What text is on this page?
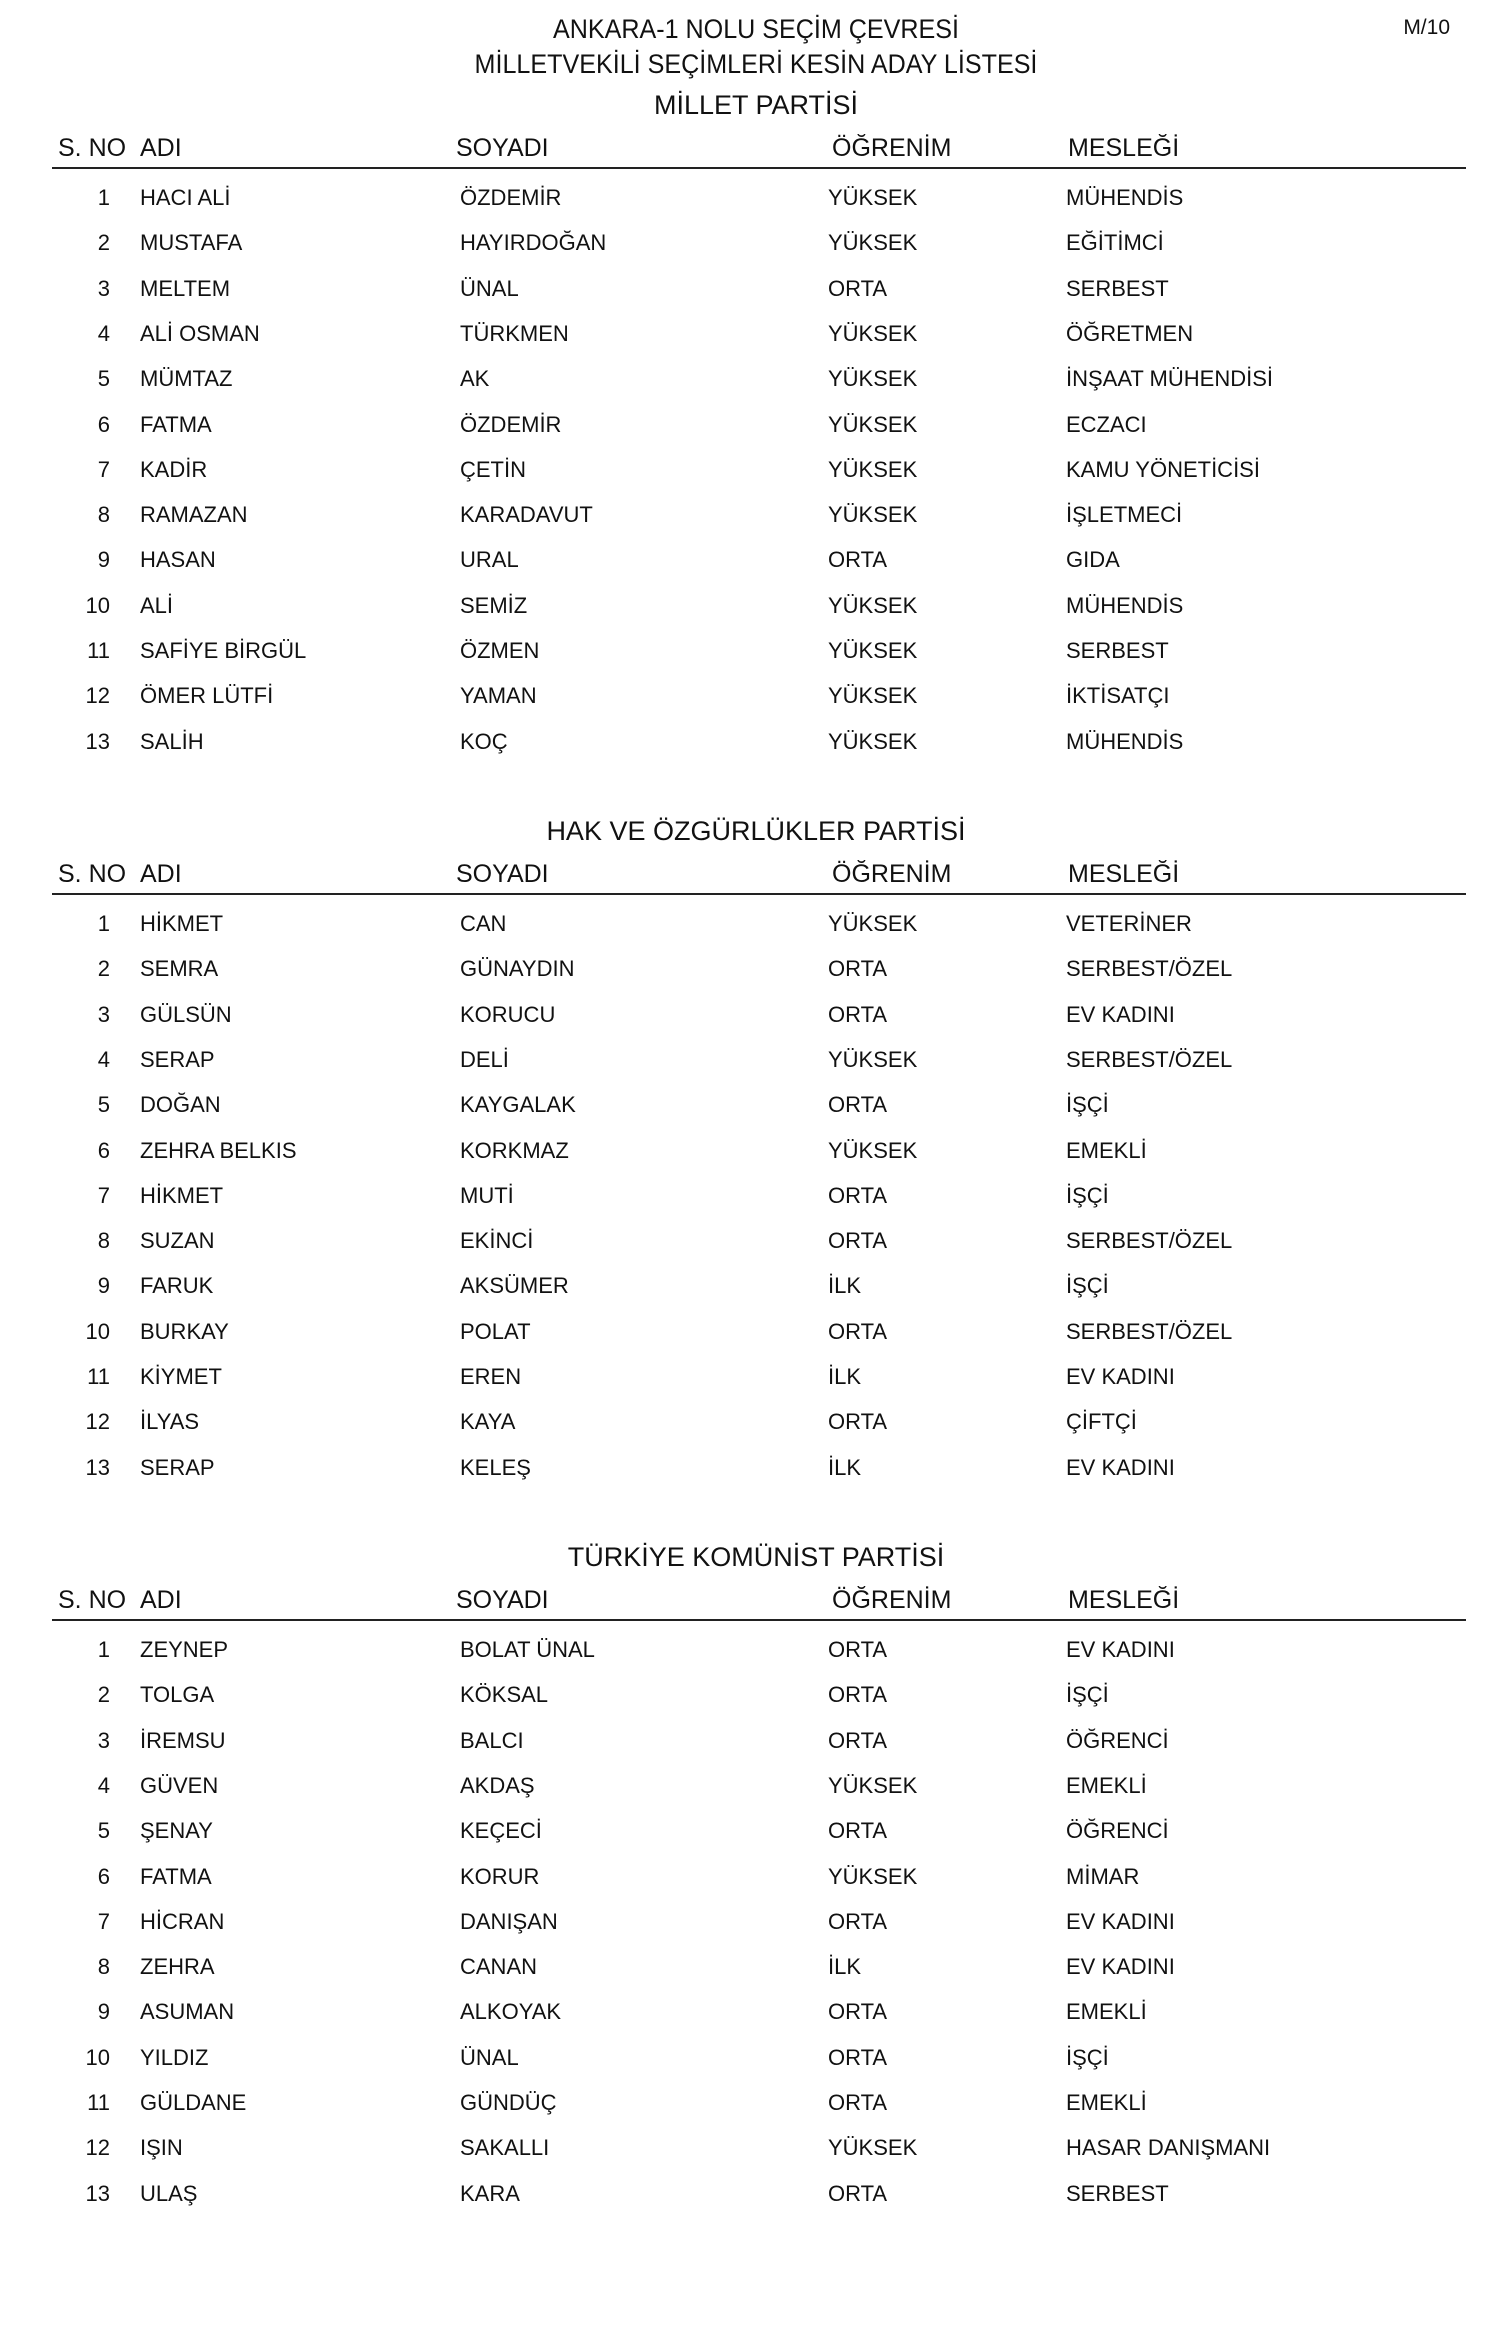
M/10
ANKARA-1 NOLU SEÇİM ÇEVRESİ
MİLLETVEKİLİ SEÇİMLERİ KESİN ADAY LİSTESİ
MİLLET PARTİSİ
S. NO ADI	SOYADI	ÖĞRENİM	MESLEĞİ
1 HACI ALİ	ÖZDEMİR	YÜKSEK	MÜHENDİS
2 MUSTAFA	HAYIRDOĞAN	YÜKSEK	EĞİTİMCİ
3 MELTEM	ÜNAL	ORTA	SERBEST
4 ALİ OSMAN	TÜRKMEN	YÜKSEK	ÖĞRETMEN
5 MÜMTAZ	AK	YÜKSEK	İNŞAAT MÜHENDİSİ
6 FATMA	ÖZDEMİR	YÜKSEK	ECZACI
7 KADİR	ÇETİN	YÜKSEK	KAMU YÖNETİCİSİ
8 RAMAZAN	KARADAVUT	YÜKSEK	İŞLETMECİ
9 HASAN	URAL	ORTA	GIDA
10 ALİ	SEMİZ	YÜKSEK	MÜHENDİS
11 SAFİYE BİRGÜL	ÖZMEN	YÜKSEK	SERBEST
12 ÖMER LÜTFİ	YAMAN	YÜKSEK	İKTİSATÇI
13 SALİH	KOÇ	YÜKSEK	MÜHENDİS
HAK VE ÖZGÜRLÜKLER PARTİSİ
S. NO ADI	SOYADI	ÖĞRENİM	MESLEĞİ
1 HİKMET	CAN	YÜKSEK	VETERİNER
2 SEMRA	GÜNAYDIN	ORTA	SERBEST/ÖZEL
3 GÜLSÜN	KORUCU	ORTA	EV KADINI
4 SERAP	DELİ	YÜKSEK	SERBEST/ÖZEL
5 DOĞAN	KAYGALAK	ORTA	İŞÇİ
6 ZEHRA BELKIS	KORKMAZ	YÜKSEK	EMEKLİ
7 HİKMET	MUTİ	ORTA	İŞÇİ
8 SUZAN	EKİNCİ	ORTA	SERBEST/ÖZEL
9 FARUK	AKSÜMER	İLK	İŞÇİ
10 BURKAY	POLAT	ORTA	SERBEST/ÖZEL
11 KİYMET	EREN	İLK	EV KADINI
12 İLYAS	KAYA	ORTA	ÇİFTÇİ
13 SERAP	KELEŞ	İLK	EV KADINI
TÜRKİYE KOMÜNİST PARTİSİ
S. NO ADI	SOYADI	ÖĞRENİM	MESLEĞİ
1 ZEYNEP	BOLAT ÜNAL	ORTA	EV KADINI
2 TOLGA	KÖKSAL	ORTA	İŞÇİ
3 İREMSU	BALCI	ORTA	ÖĞRENCİ
4 GÜVEN	AKDAŞ	YÜKSEK	EMEKLİ
5 ŞENAY	KEÇECİ	ORTA	ÖĞRENCİ
6 FATMA	KORUR	YÜKSEK	MİMAR
7 HİCRAN	DANIŞAN	ORTA	EV KADINI
8 ZEHRA	CANAN	İLK	EV KADINI
9 ASUMAN	ALKOYAK	ORTA	EMEKLİ
10 YILDIZ	ÜNAL	ORTA	İŞÇİ
11 GÜLDANE	GÜNDÜÇ	ORTA	EMEKLİ
12 IŞIN	SAKALLI	YÜKSEK	HASAR DANIŞMANI
13 ULAŞ	KARA	ORTA	SERBEST
